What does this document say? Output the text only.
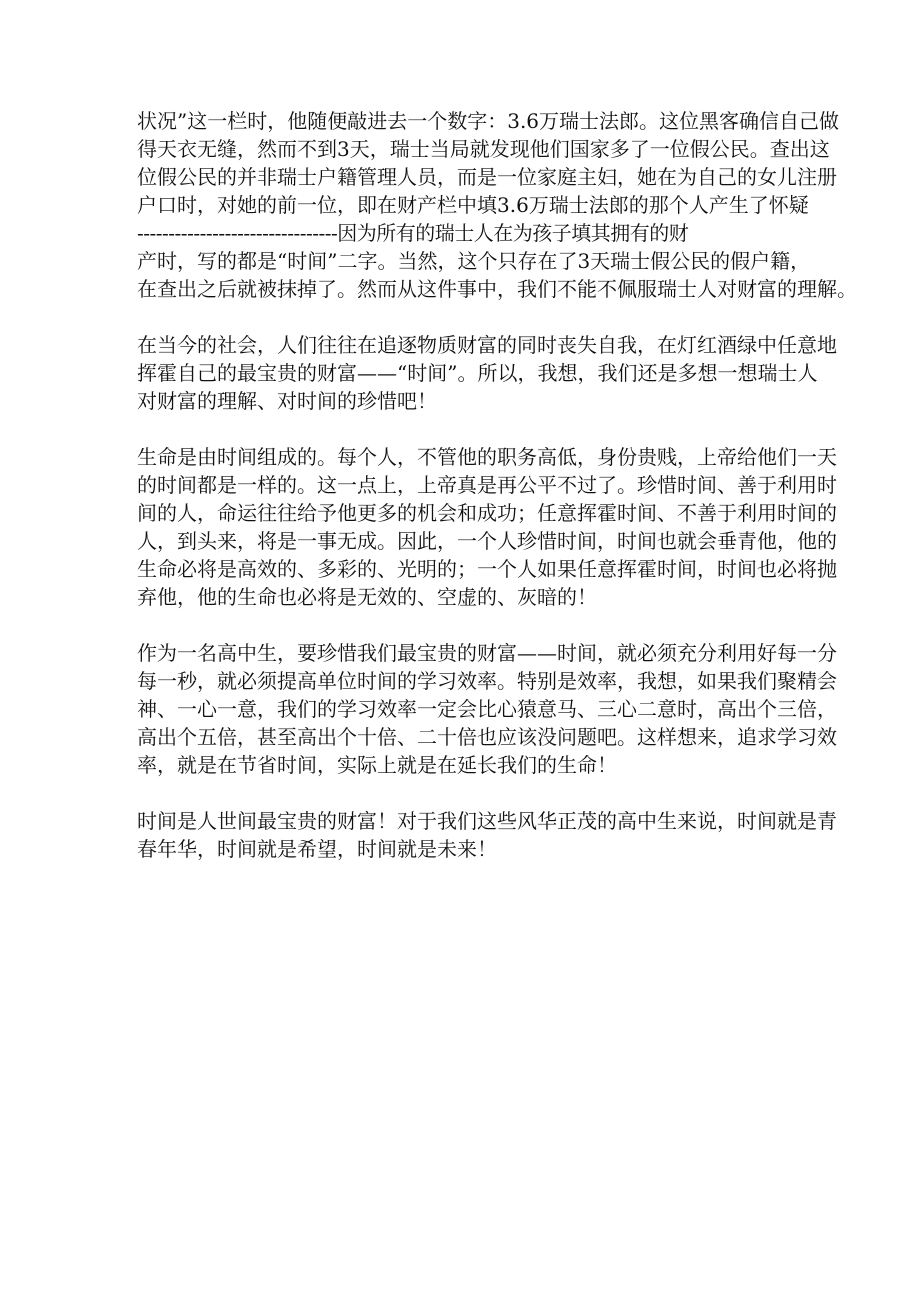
状况”这一栏时，他随便敲进去一个数字：3.6万瑞士法郎。这位黑客确信自己做
得天衣无缝，然而不到3天，瑞士当局就发现他们国家多了一位假公民。查出这
位假公民的并非瑞士户籍管理人员，而是一位家庭主妇，她在为自己的女儿注册
户口时，对她的前一位，即在财产栏中填3.6万瑞士法郎的那个人产生了怀疑
--------------------------------因为所有的瑞士人在为孩子填其拥有的财
产时，写的都是“时间”二字。当然，这个只存在了3天瑞士假公民的假户籍，
在查出之后就被抹掉了。然而从这件事中，我们不能不佩服瑞士人对财富的理解。

在当今的社会，人们往往在追逐物质财富的同时丧失自我，在灯红酒绿中任意地
挥霍自己的最宝贵的财富——“时间”。所以，我想，我们还是多想一想瑞士人
对财富的理解、对时间的珍惜吧！

生命是由时间组成的。每个人，不管他的职务高低，身份贵贱，上帝给他们一天
的时间都是一样的。这一点上，上帝真是再公平不过了。珍惜时间、善于利用时
间的人，命运往往给予他更多的机会和成功；任意挥霍时间、不善于利用时间的
人，到头来，将是一事无成。因此，一个人珍惜时间，时间也就会垂青他，他的
生命必将是高效的、多彩的、光明的；一个人如果任意挥霍时间，时间也必将抛
弃他，他的生命也必将是无效的、空虚的、灰暗的！

作为一名高中生，要珍惜我们最宝贵的财富——时间，就必须充分利用好每一分
每一秒，就必须提高单位时间的学习效率。特别是效率，我想，如果我们聚精会
神、一心一意，我们的学习效率一定会比心猿意马、三心二意时，高出个三倍，
高出个五倍，甚至高出个十倍、二十倍也应该没问题吧。这样想来，追求学习效
率，就是在节省时间，实际上就是在延长我们的生命！

时间是人世间最宝贵的财富！对于我们这些风华正茂的高中生来说，时间就是青
春年华，时间就是希望，时间就是未来！
